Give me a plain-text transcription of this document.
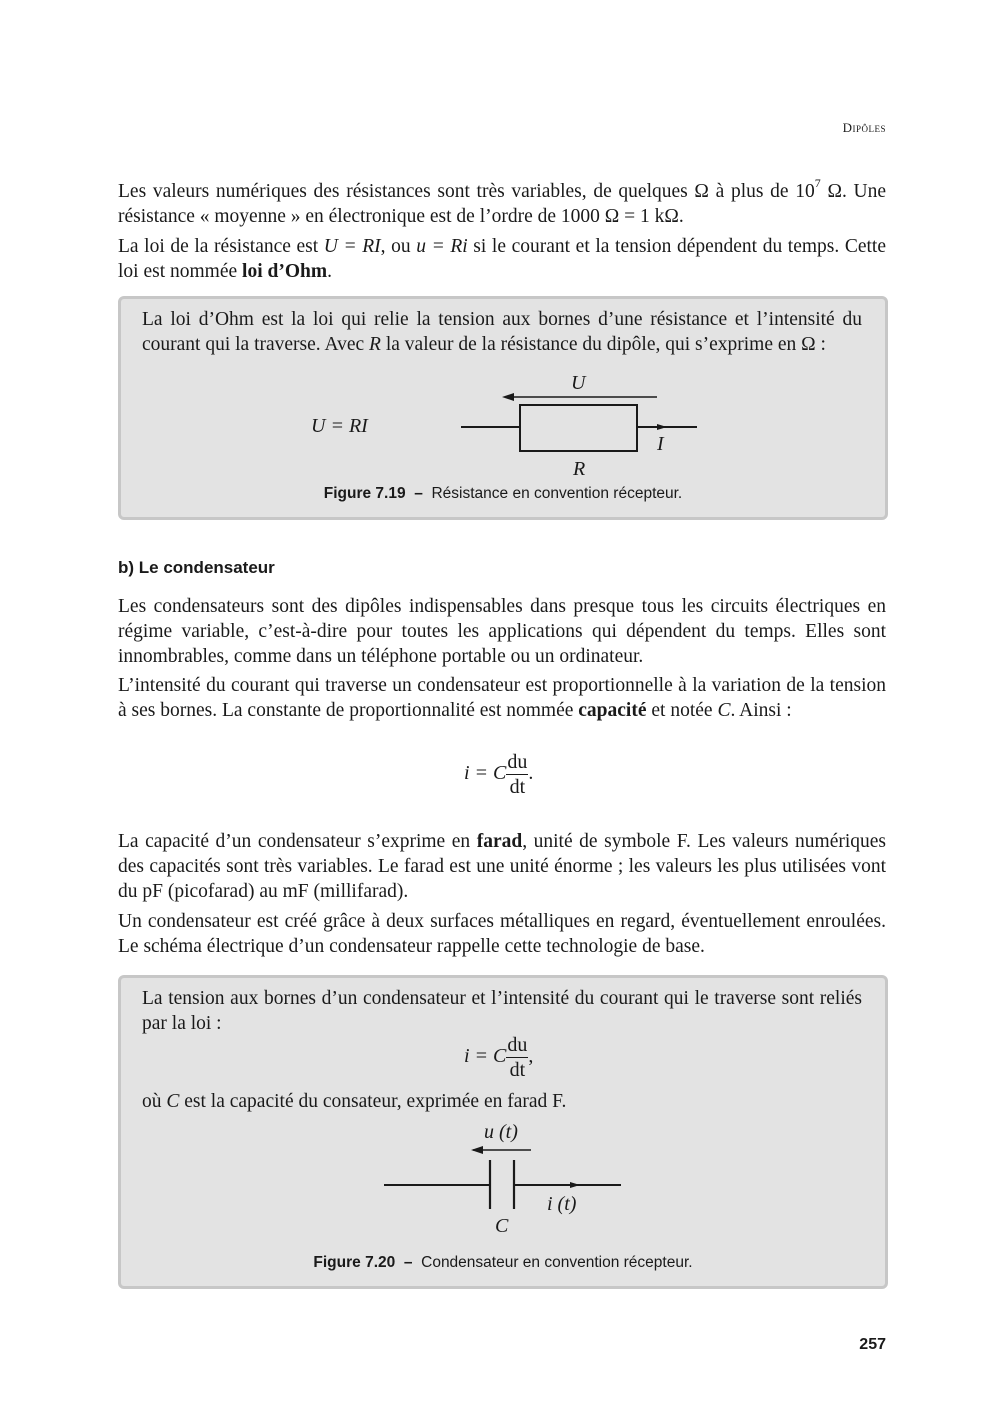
Dipôles
Les valeurs numériques des résistances sont très variables, de quelques Ω à plus de $10^7$ Ω. Une résistance « moyenne » en électronique est de l’ordre de 1000 Ω = 1 kΩ.
La loi de la résistance est U = RI, ou u = Ri si le courant et la tension dépendent du temps. Cette loi est nommée loi d’Ohm.
La loi d’Ohm est la loi qui relie la tension aux bornes d’une résistance et l’intensité du courant qui la traverse. Avec R la valeur de la résistance du dipôle, qui s’exprime en Ω :
U = RI
U
I
R
Figure 7.19 – Résistance en convention récepteur.
b) Le condensateur
Les condensateurs sont des dipôles indispensables dans presque tous les circuits électriques en régime variable, c’est-à-dire pour toutes les applications qui dépendent du temps. Elles sont innombrables, comme dans un téléphone portable ou un ordinateur.
L’intensité du courant qui traverse un condensateur est proportionnelle à la variation de la tension à ses bornes. La constante de proportionnalité est nommée capacité et notée C. Ainsi :
i = C $\frac{du}{dt}$ .
La capacité d’un condensateur s’exprime en farad, unité de symbole F. Les valeurs numériques des capacités sont très variables. Le farad est une unité énorme ; les valeurs les plus utilisées vont du pF (picofarad) au mF (millifarad).
Un condensateur est créé grâce à deux surfaces métalliques en regard, éventuellement enroulées. Le schéma électrique d’un condensateur rappelle cette technologie de base.
La tension aux bornes d’un condensateur et l’intensité du courant qui le traverse sont reliés par la loi :
i = C $\frac{du}{dt}$ ,
où C est la capacité du consateur, exprimée en farad F.
u (t)
i (t)
C
Figure 7.20 – Condensateur en convention récepteur.
257
